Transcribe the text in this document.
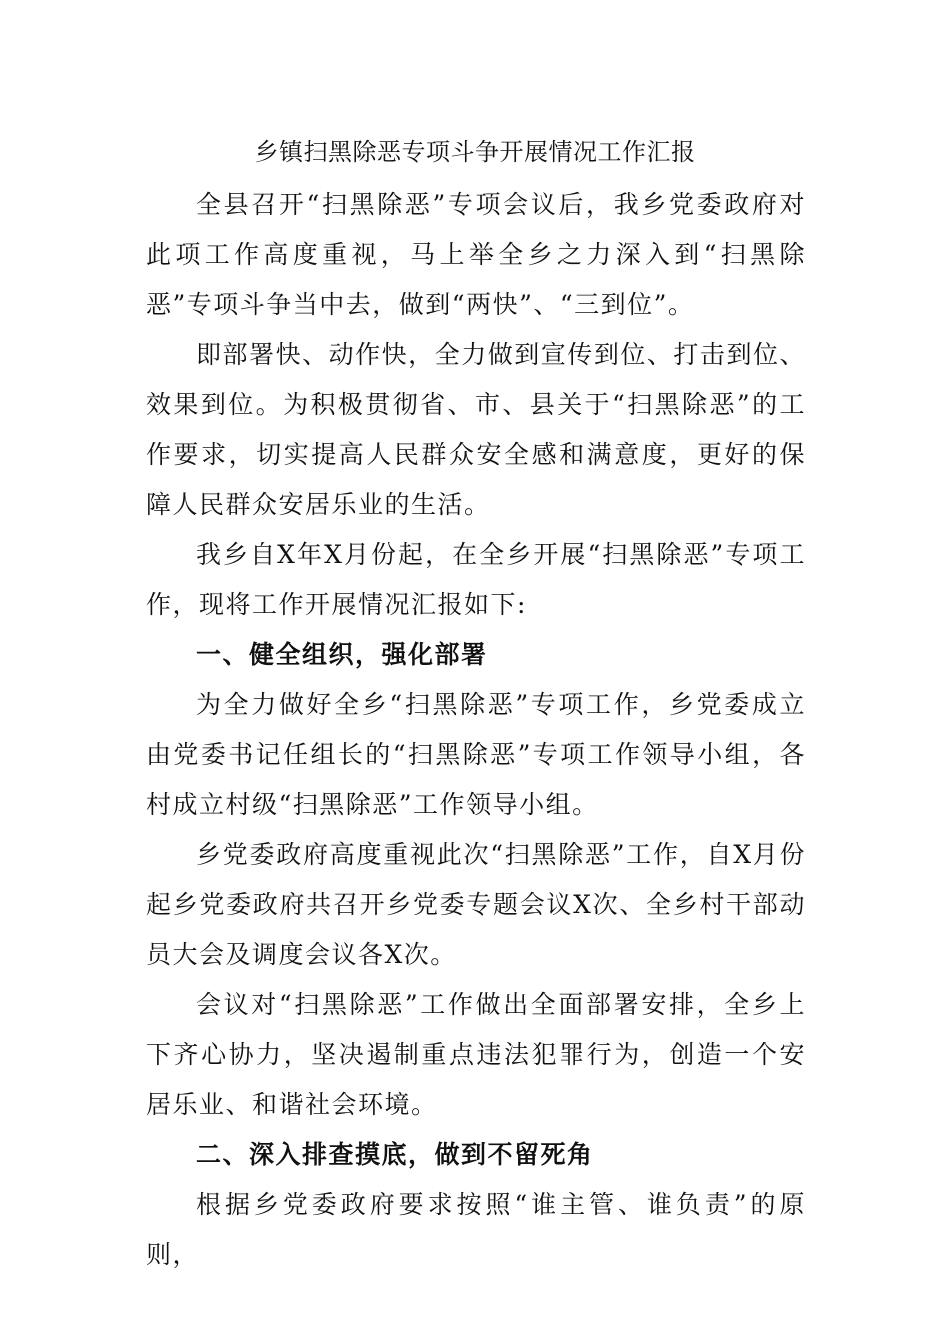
乡镇扫黑除恶专项斗争开展情况工作汇报

全县召开“扫黑除恶”专项会议后，我乡党委政府对此项工作高度重视，马上举全乡之力深入到“扫黑除恶”专项斗争当中去，做到“两快”、“三到位”。

即部署快、动作快，全力做到宣传到位、打击到位、效果到位。为积极贯彻省、市、县关于“扫黑除恶”的工作要求，切实提高人民群众安全感和满意度，更好的保障人民群众安居乐业的生活。

我乡自X年X月份起，在全乡开展“扫黑除恶”专项工作，现将工作开展情况汇报如下:

一、健全组织，强化部署

为全力做好全乡“扫黑除恶”专项工作，乡党委成立由党委书记任组长的“扫黑除恶”专项工作领导小组，各村成立村级“扫黑除恶”工作领导小组。

乡党委政府高度重视此次“扫黑除恶”工作，自X月份起乡党委政府共召开乡党委专题会议X次、全乡村干部动员大会及调度会议各X次。

会议对“扫黑除恶”工作做出全面部署安排，全乡上下齐心协力，坚决遏制重点违法犯罪行为，创造一个安居乐业、和谐社会环境。

二、深入排查摸底，做到不留死角

根据乡党委政府要求按照“谁主管、谁负责”的原则，
